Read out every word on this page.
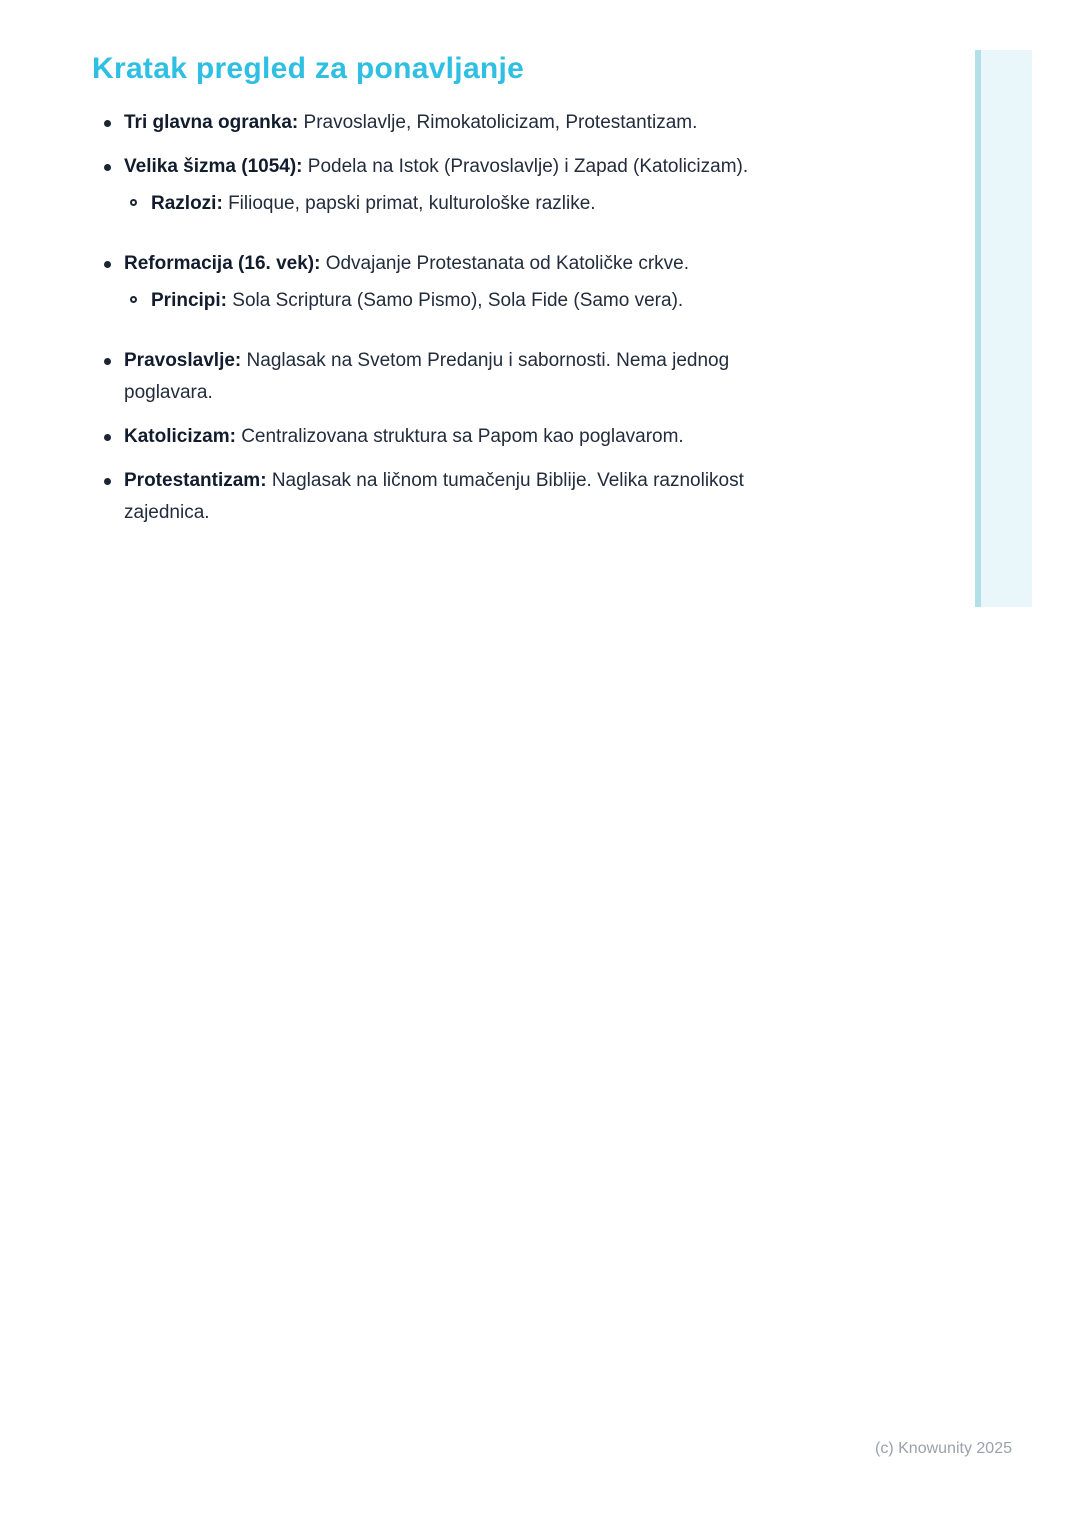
Kratak pregled za ponavljanje

Tri glavna ogranka: Pravoslavlje, Rimokatolicizam, Protestantizam.

Velika šizma (1054): Podela na Istok (Pravoslavlje) i Zapad (Katolicizam).

Razlozi: Filioque, papski primat, kulturološke razlike.

Reformacija (16. vek): Odvajanje Protestanata od Katoličke crkve.

Principi: Sola Scriptura (Samo Pismo), Sola Fide (Samo vera).

Pravoslavlje: Naglasak na Svetom Predanju i sabornosti. Nema jednog poglavara.

Katolicizam: Centralizovana struktura sa Papom kao poglavarom.

Protestantizam: Naglasak na ličnom tumačenju Biblije. Velika raznolikost zajednica.

(c) Knowunity 2025
